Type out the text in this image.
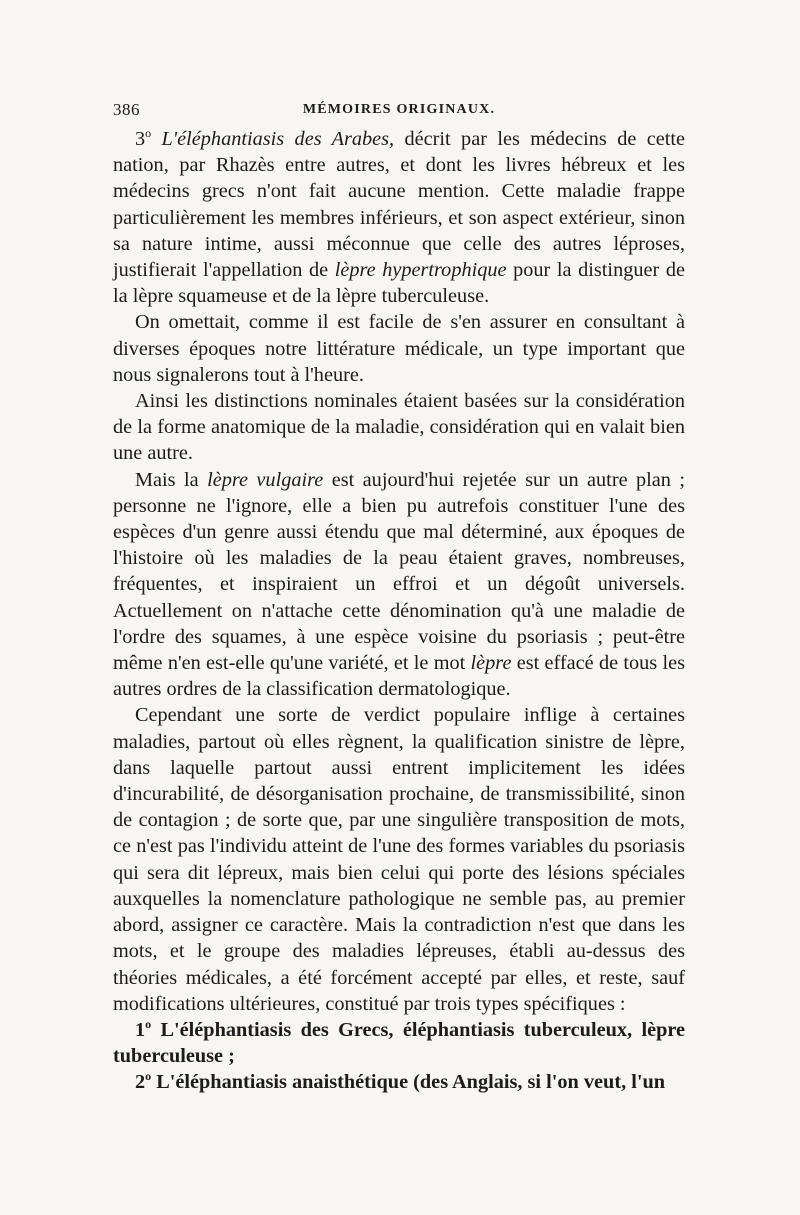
386	MÉMOIRES ORIGINAUX.

3$^o$ L'éléphantiasis des Arabes, décrit par les médecins de cette nation, par Rhazès entre autres, et dont les livres hébreux et les médecins grecs n'ont fait aucune mention. Cette maladie frappe particulièrement les membres inférieurs, et son aspect extérieur, sinon sa nature intime, aussi méconnue que celle des autres léproses, justifierait l'appellation de lèpre hypertrophique pour la distinguer de la lèpre squameuse et de la lèpre tuberculeuse.

On omettait, comme il est facile de s'en assurer en consultant à diverses époques notre littérature médicale, un type important que nous signalerons tout à l'heure.

Ainsi les distinctions nominales étaient basées sur la considération de la forme anatomique de la maladie, considération qui en valait bien une autre.

Mais la lèpre vulgaire est aujourd'hui rejetée sur un autre plan ; personne ne l'ignore, elle a bien pu autrefois constituer l'une des espèces d'un genre aussi étendu que mal déterminé, aux époques de l'histoire où les maladies de la peau étaient graves, nombreuses, fréquentes, et inspiraient un effroi et un dégoût universels. Actuellement on n'attache cette dénomination qu'à une maladie de l'ordre des squames, à une espèce voisine du psoriasis ; peut-être même n'en est-elle qu'une variété, et le mot lèpre est effacé de tous les autres ordres de la classification dermatologique.

Cependant une sorte de verdict populaire inflige à certaines maladies, partout où elles règnent, la qualification sinistre de lèpre, dans laquelle partout aussi entrent implicitement les idées d'incurabilité, de désorganisation prochaine, de transmissibilité, sinon de contagion ; de sorte que, par une singulière transposition de mots, ce n'est pas l'individu atteint de l'une des formes variables du psoriasis qui sera dit lépreux, mais bien celui qui porte des lésions spéciales auxquelles la nomenclature pathologique ne semble pas, au premier abord, assigner ce caractère. Mais la contradiction n'est que dans les mots, et le groupe des maladies lépreuses, établi au-dessus des théories médicales, a été forcément accepté par elles, et reste, sauf modifications ultérieures, constitué par trois types spécifiques :

1$^o$ L'éléphantiasis des Grecs, éléphantiasis tuberculeux, lèpre tuberculeuse ;

2$^o$ L'éléphantiasis anaisthétique (des Anglais, si l'on veut, l'un
